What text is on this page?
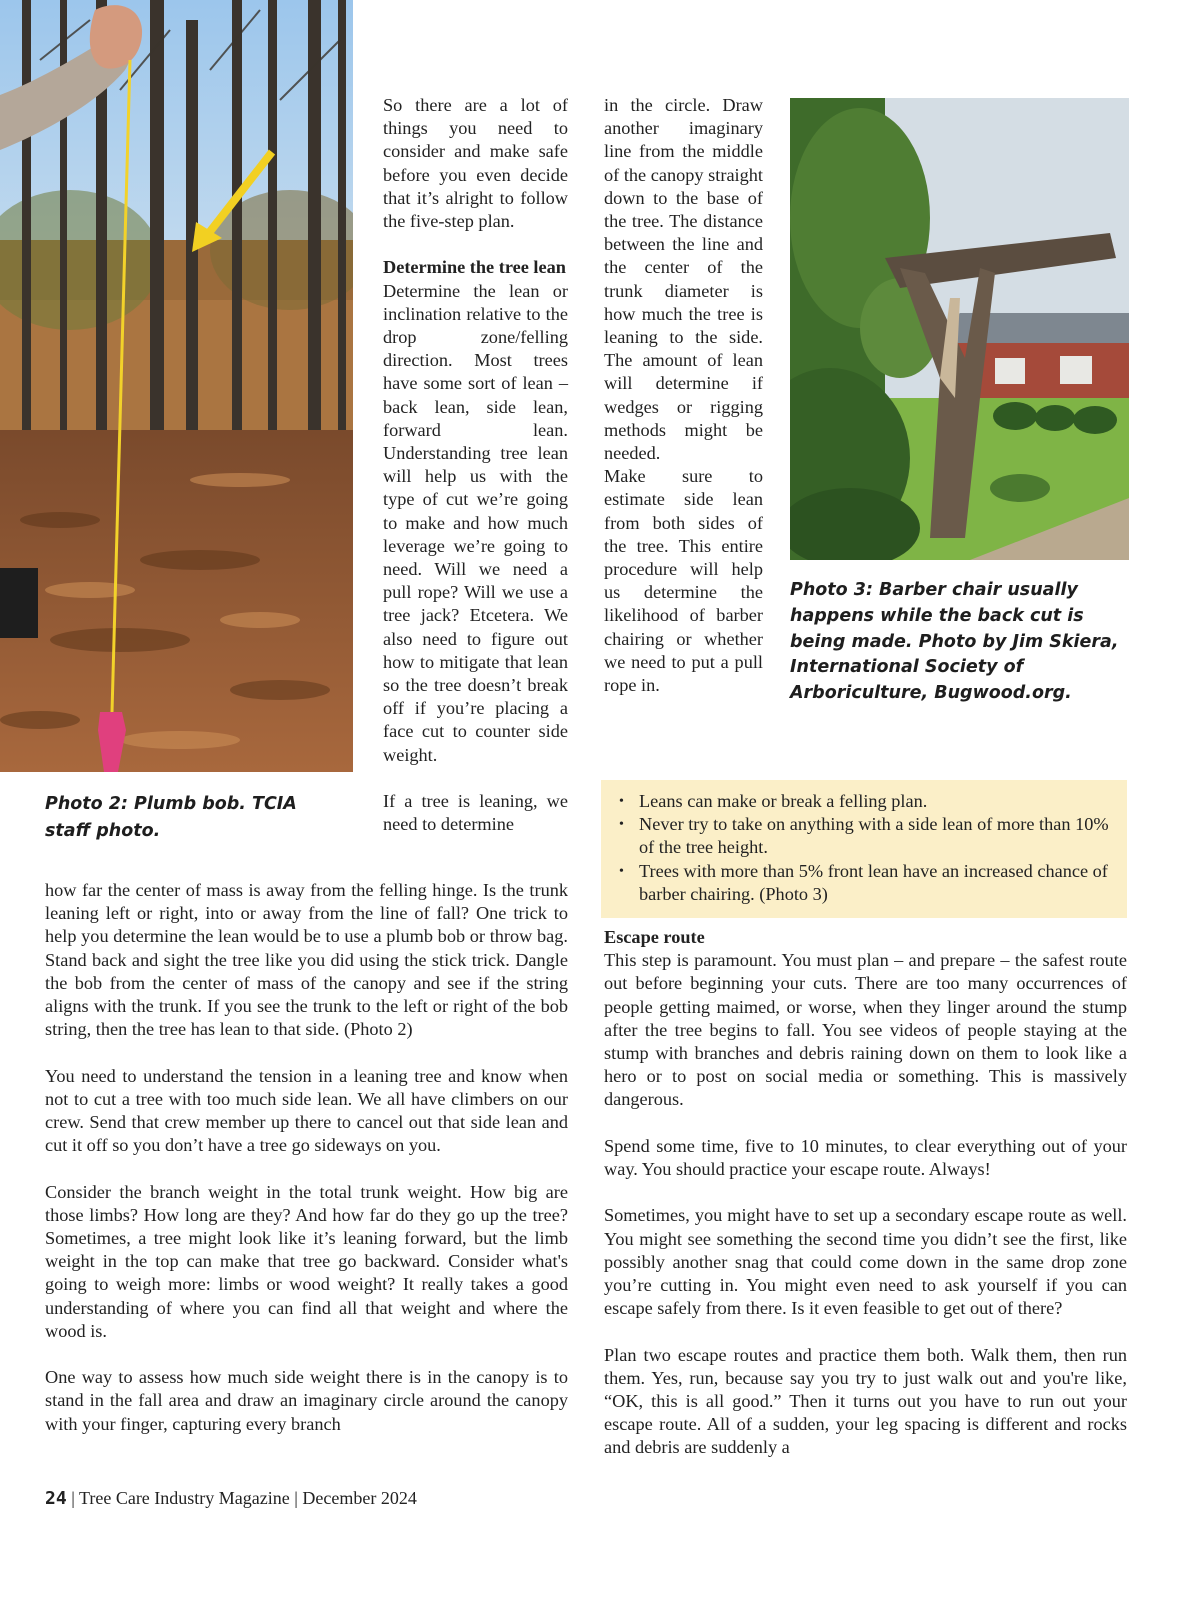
Photo 2: Plumb bob. TCIA staff photo.

So there are a lot of things you need to consider and make safe before you even decide that it’s alright to follow the five-step plan.

Determine the tree lean

Determine the lean or inclination relative to the drop zone/felling direction. Most trees have some sort of lean – back lean, side lean, forward lean. Understanding tree lean will help us with the type of cut we’re going to make and how much leverage we’re going to need. Will we need a pull rope? Will we use a tree jack? Etcetera. We also need to figure out how to mitigate that lean so the tree doesn’t break off if you’re placing a face cut to counter side weight.

If a tree is leaning, we need to determine

how far the center of mass is away from the felling hinge. Is the trunk leaning left or right, into or away from the line of fall? One trick to help you determine the lean would be to use a plumb bob or throw bag. Stand back and sight the tree like you did using the stick trick. Dangle the bob from the center of mass of the canopy and see if the string aligns with the trunk. If you see the trunk to the left or right of the bob string, then the tree has lean to that side. (Photo 2)

You need to understand the tension in a leaning tree and know when not to cut a tree with too much side lean. We all have climbers on our crew. Send that crew member up there to cancel out that side lean and cut it off so you don’t have a tree go sideways on you.

Consider the branch weight in the total trunk weight. How big are those limbs? How long are they? And how far do they go up the tree? Sometimes, a tree might look like it’s leaning forward, but the limb weight in the top can make that tree go backward. Consider what's going to weigh more: limbs or wood weight? It really takes a good understanding of where you can find all that weight and where the wood is.

One way to assess how much side weight there is in the canopy is to stand in the fall area and draw an imaginary circle around the canopy with your finger, capturing every branch

in the circle. Draw another imaginary line from the middle of the canopy straight down to the base of the tree. The distance between the line and the center of the trunk diameter is how much the tree is leaning to the side. The amount of lean will determine if wedges or rigging methods might be needed.

Make sure to estimate side lean from both sides of the tree. This entire procedure will help us determine the likelihood of barber chairing or whether we need to put a pull rope in.

Photo 3: Barber chair usually happens while the back cut is being made. Photo by Jim Skiera, International Society of Arboriculture, Bugwood.org.
• Leans can make or break a felling plan.
• Never try to take on anything with a side lean of more than 10% of the tree height.
• Trees with more than 5% front lean have an increased chance of barber chairing. (Photo 3)

Escape route

This step is paramount. You must plan – and prepare – the safest route out before beginning your cuts. There are too many occurrences of people getting maimed, or worse, when they linger around the stump after the tree begins to fall. You see videos of people staying at the stump with branches and debris raining down on them to look like a hero or to post on social media or something. This is massively dangerous.

Spend some time, five to 10 minutes, to clear everything out of your way. You should practice your escape route. Always!

Sometimes, you might have to set up a secondary escape route as well. You might see something the second time you didn’t see the first, like possibly another snag that could come down in the same drop zone you’re cutting in. You might even need to ask yourself if you can escape safely from there. Is it even feasible to get out of there?

Plan two escape routes and practice them both. Walk them, then run them. Yes, run, because say you try to just walk out and you're like, “OK, this is all good.” Then it turns out you have to run out your escape route. All of a sudden, your leg spacing is different and rocks and debris are suddenly a

24 | Tree Care Industry Magazine | December 2024
